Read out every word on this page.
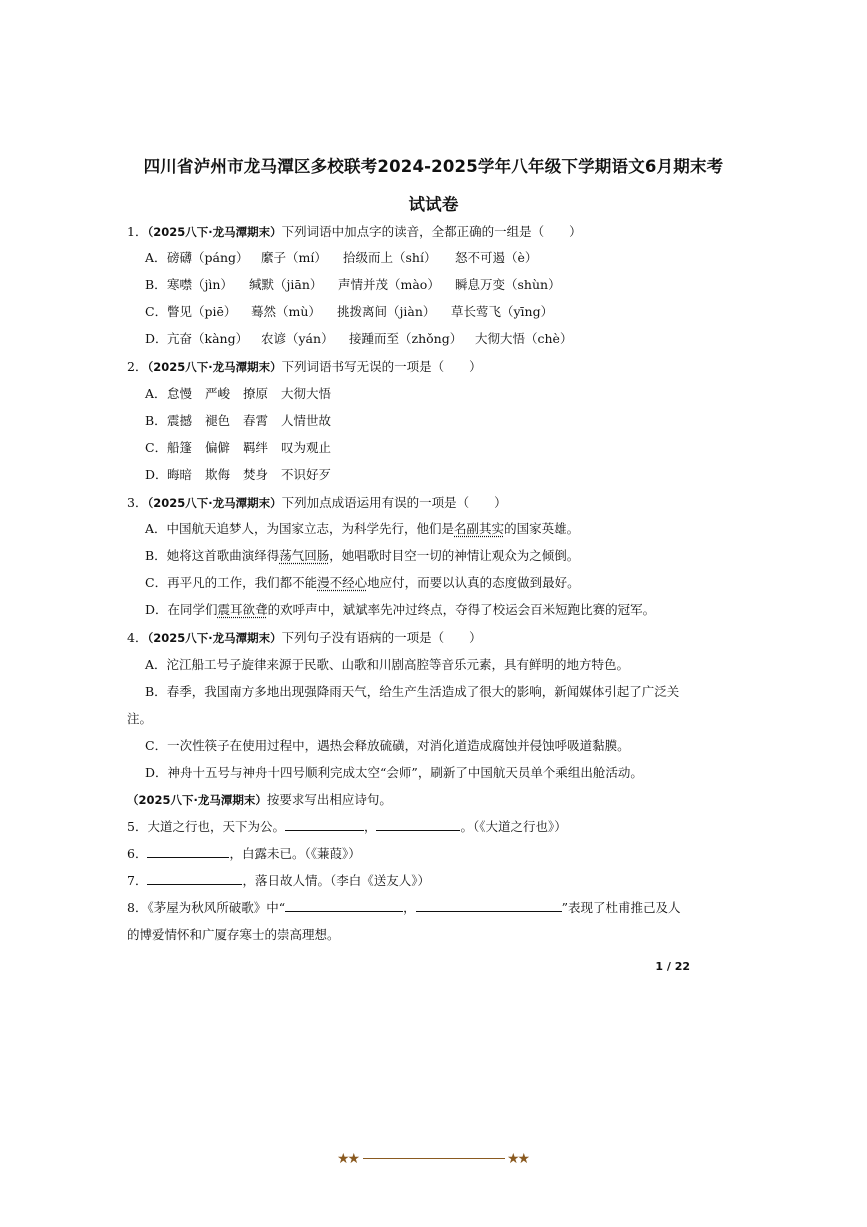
四川省泸州市龙马潭区多校联考2024-2025学年八年级下学期语文6月期末考
试试卷
1．（2025八下·龙马潭期末）下列词语中加点字的读音，全都正确的一组是（　　）
A． 磅礴（páng） 縻子（mí） 拾级而上（shí） 怒不可遏（è）
B． 寒噤（jìn） 缄默（jiān） 声情并茂（mào） 瞬息万变（shùn）
C． 瞥见（piē） 蓦然（mù） 挑拨离间（jiàn） 草长莺飞（yīng）
D． 亢奋（kàng） 农谚（yán） 接踵而至（zhǒng） 大彻大悟（chè）
2．（2025八下·龙马潭期末）下列词语书写无误的一项是（　　）
A． 怠慢 严峻 撩原 大彻大悟
B． 震撼 褪色 春霄 人情世故
C． 船篷 偏僻 羁绊 叹为观止
D． 晦暗 欺侮 焚身 不识好歹
3．（2025八下·龙马潭期末）下列加点成语运用有误的一项是（　　）
A．中国航天追梦人，为国家立志，为科学先行，他们是名副其实的国家英雄。
B．她将这首歌曲演绎得荡气回肠，她唱歌时目空一切的神情让观众为之倾倒。
C．再平凡的工作，我们都不能漫不经心地应付，而要以认真的态度做到最好。
D．在同学们震耳欲聋的欢呼声中，斌斌率先冲过终点，夺得了校运会百米短跑比赛的冠军。
4．（2025八下·龙马潭期末）下列句子没有语病的一项是（　　）
A．沱江船工号子旋律来源于民歌、山歌和川剧高腔等音乐元素，具有鲜明的地方特色。
B．春季，我国南方多地出现强降雨天气，给生产生活造成了很大的影响，新闻媒体引起了广泛关
注。
C．一次性筷子在使用过程中，遇热会释放硫磺，对消化道造成腐蚀并侵蚀呼吸道黏膜。
D．神舟十五号与神舟十四号顺利完成太空“会师”，刷新了中国航天员单个乘组出舱活动。
（2025八下·龙马潭期末）按要求写出相应诗句。
5．大道之行也，天下为公。	，	。（《大道之行也》）
6．	，白露未已。（《蒹葭》）
7．	，落日故人情。（李白《送友人》）
8．《茅屋为秋风所破歌》中“	，	”表现了杜甫推己及人
的博爱情怀和广厦存寒士的崇高理想。
1 / 22
★★	★★
